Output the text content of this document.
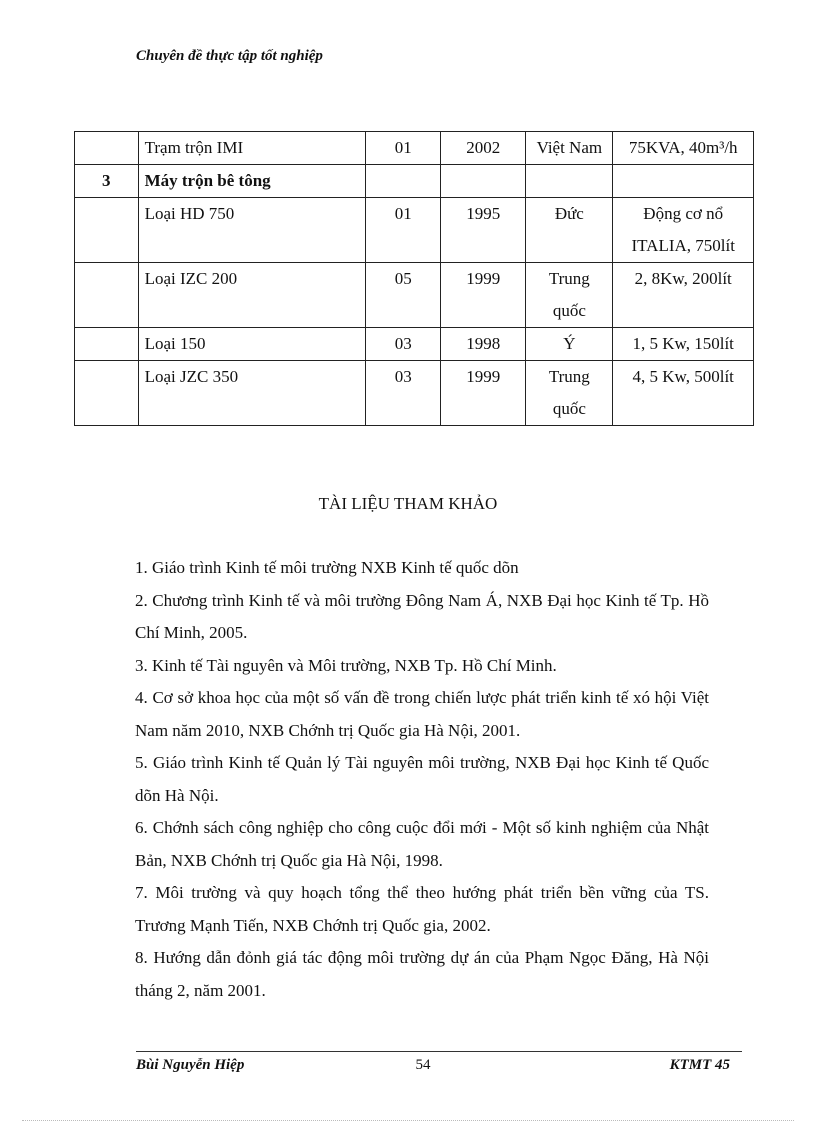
Chuyên đề thực tập tốt nghiệp
	Trạm trộn IMI	01	2002	Việt Nam	75KVA, 40m³/h
3	Máy trộn bê tông				
	Loại HD 750	01	1995	Đức	Động cơ nổ ITALIA, 750lít
	Loại IZC 200	05	1999	Trung quốc	2, 8Kw, 200lít
	Loại 150	03	1998	Ý	1, 5 Kw, 150lít
	Loại JZC 350	03	1999	Trung quốc	4, 5 Kw, 500lít
TÀI LIỆU THAM KHẢO
1. Giáo trình Kinh tế môi trường NXB Kinh tế quốc dõn
2. Chương trình Kinh tế và môi trường Đông Nam Á, NXB Đại học Kinh tế Tp. Hồ Chí Minh, 2005.
3. Kinh tế Tài nguyên và Môi trường, NXB Tp. Hồ Chí Minh.
4. Cơ sở khoa học của một số vấn đề trong chiến lược phát triển kinh tế xó hội Việt Nam năm 2010, NXB Chớnh trị Quốc gia Hà Nội, 2001.
5. Giáo trình Kinh tế Quản lý Tài nguyên môi trường, NXB Đại học Kinh tế Quốc dõn Hà Nội.
6. Chớnh sách công nghiệp cho công cuộc đổi mới - Một số kinh nghiệm của Nhật Bản, NXB Chớnh trị Quốc gia Hà Nội, 1998.
7. Môi trường và quy hoạch tổng thể theo hướng phát triển bền vững của TS. Trương Mạnh Tiến, NXB Chớnh trị Quốc gia, 2002.
8. Hướng dẫn đỏnh giá tác động môi trường dự án của Phạm Ngọc Đăng, Hà Nội tháng 2, năm 2001.
Bùi Nguyễn Hiệp	54	KTMT 45
